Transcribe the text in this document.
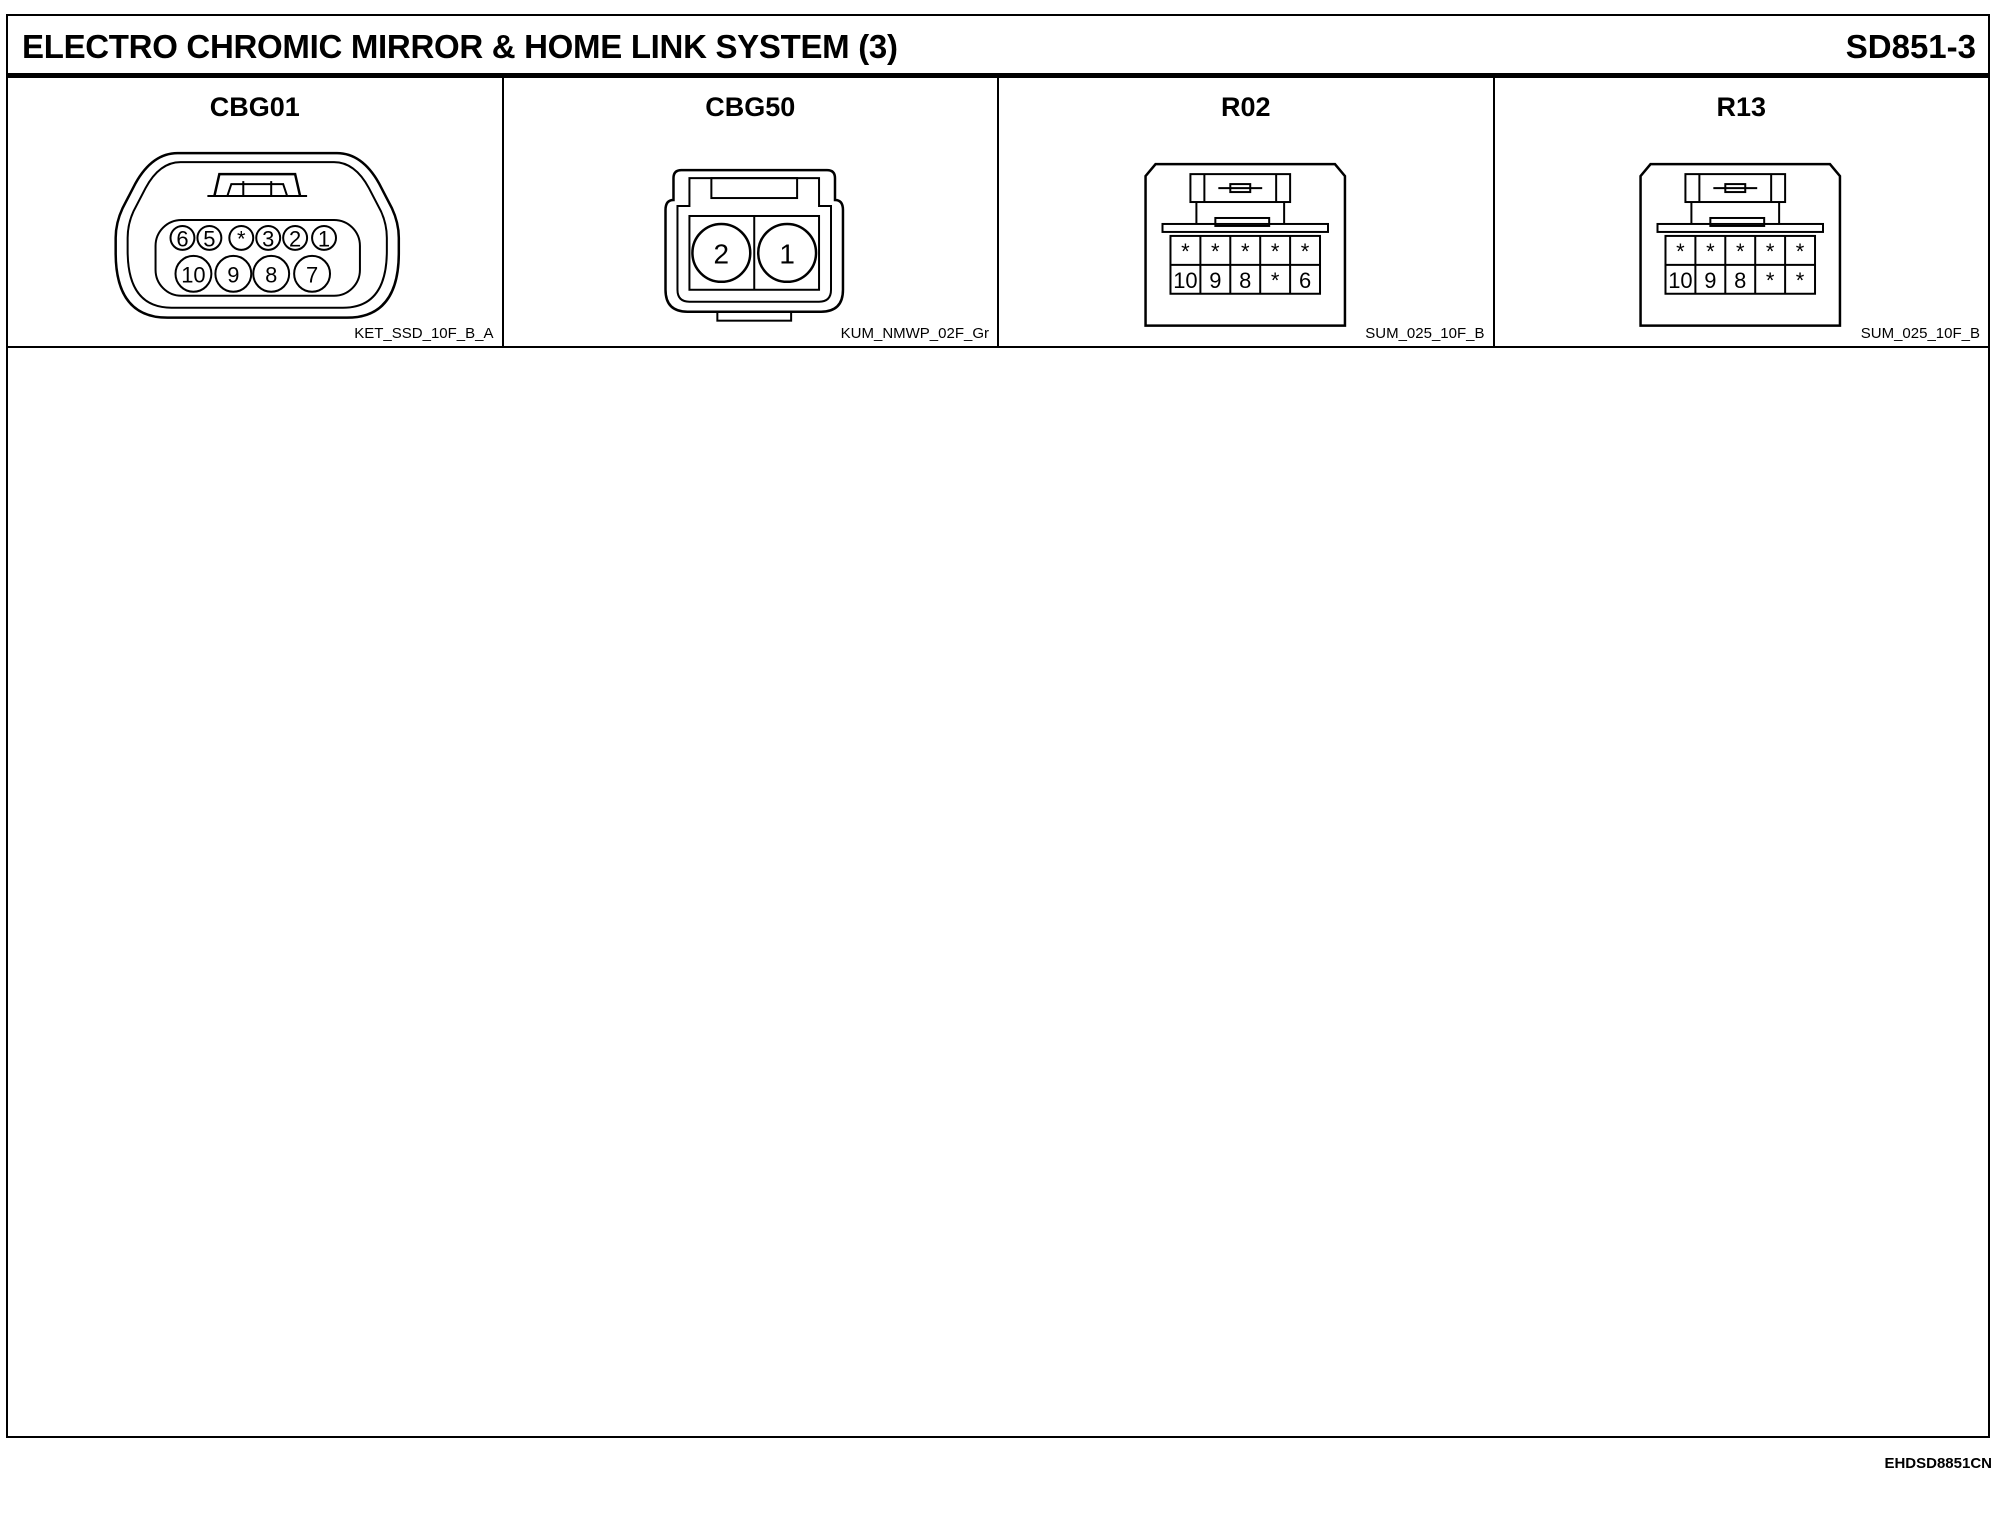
ELECTRO CHROMIC MIRROR & HOME LINK SYSTEM (3)	SD851-3
6 5 * 3 2 1
10 9 8 7
CBG01
KET_SSD_10F_B_A
2 1
CBG50
KUM_NMWP_02F_Gr
* * * * *
10 9 8 * 6
R02
SUM_025_10F_B
* * * * *
10 9 8 * *
R13
SUM_025_10F_B
EHDSD8851CN
